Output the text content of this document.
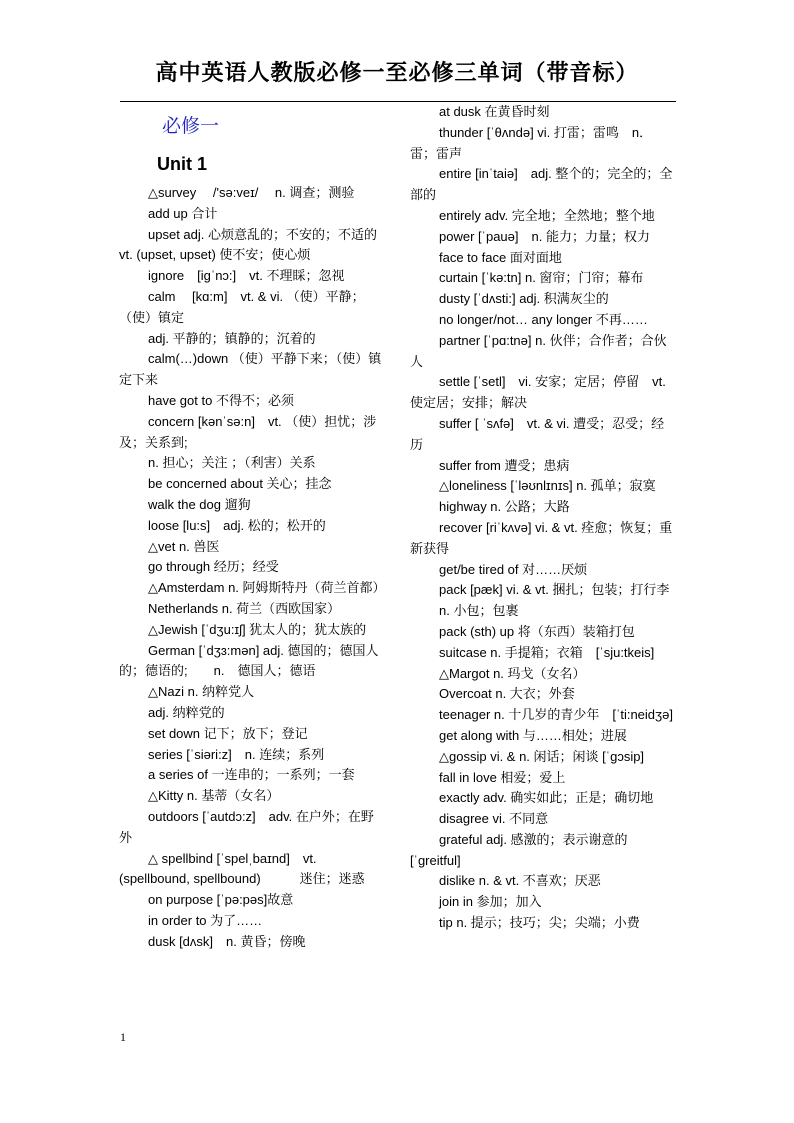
高中英语人教版必修一至必修三单词（带音标）
必修一
Unit 1

△survey　 /'sə:veɪ/　 n. 调查；测验

add up 合计

upset adj. 心烦意乱的；不安的；不适的　vt. (upset, upset) 使不安；使心烦

ignore　[igˈnɔ:]　vt. 不理睬；忽视

calm　 [kɑ:m]　vt. & vi. （使）平静；（使）镇定

adj. 平静的；镇静的；沉着的

calm(…)down （使）平静下来；（使）镇定下来

have got to 不得不；必须

concern [kənˈsə:n]　vt. （使）担忧；涉及；关系到;

n. 担心；关注 ；（利害）关系

be concerned about 关心；挂念

walk the dog 遛狗

loose [lu:s]　adj. 松的；松开的

△vet n. 兽医

go through 经历；经受

△Amsterdam n. 阿姆斯特丹（荷兰首都）

Netherlands n. 荷兰（西欧国家）

△Jewish [ˈdʒu:ɪʃ] 犹太人的；犹太族的

German [ˈdʒɜ:mən] adj. 德国的；德国人的；德语的;　　n.　德国人；德语

△Nazi n. 纳粹党人

adj. 纳粹党的

set down 记下；放下；登记

series [ˈsiəri:z]　n. 连续；系列

a series of 一连串的；一系列；一套

△Kitty n. 基蒂（女名）

outdoors [ˈautdɔ:z]　adv. 在户外；在野外

△ spellbind [ˈspelˌbaɪnd]　vt. (spellbound, spellbound)　　　迷住；迷惑

on purpose [ˈpə:pəs]故意

in order to 为了……

dusk [dʌsk]　n. 黄昏；傍晚

at dusk 在黄昏时刻

thunder [ˈθʌndə] vi. 打雷；雷鸣　n．雷；雷声

entire [inˈtaiə]　adj. 整个的；完全的；全部的

entirely adv. 完全地；全然地；整个地

power [ˈpauə]　n. 能力；力量；权力

face to face 面对面地

curtain [ˈkə:tn] n. 窗帘；门帘；幕布

dusty [ˈdʌsti:] adj. 积满灰尘的

no longer/not… any longer 不再……

partner [ˈpɑ:tnə] n. 伙伴；合作者；合伙人

settle [ˈsetl]　vi. 安家；定居；停留　vt. 使定居；安排；解决

suffer [ ˈsʌfə]　vt. & vi. 遭受；忍受；经历

suffer from 遭受；患病

△loneliness [ˈləʊnlɪnɪs] n. 孤单；寂寞

highway n. 公路；大路

recover [riˈkʌvə] vi. & vt. 痊愈；恢复；重新获得

get/be tired of 对……厌烦

pack [pæk] vi. & vt. 捆扎；包装；打行李

n. 小包；包裹

pack (sth) up 将（东西）装箱打包

suitcase n. 手提箱；衣箱　[ˈsju:tkeis]

△Margot n. 玛戈（女名）

Overcoat n. 大衣；外套

teenager n. 十几岁的青少年　[ˈti:neidʒə]

get along with 与……相处；进展

△gossip vi. & n. 闲话；闲谈 [ˈgɔsip]

fall in love 相爱；爱上

exactly adv. 确实如此；正是；确切地

disagree vi. 不同意

grateful adj. 感激的；表示谢意的　[ˈgreitful]

dislike n. & vt. 不喜欢；厌恶

join in 参加；加入

tip n. 提示；技巧；尖；尖端；小费

1
